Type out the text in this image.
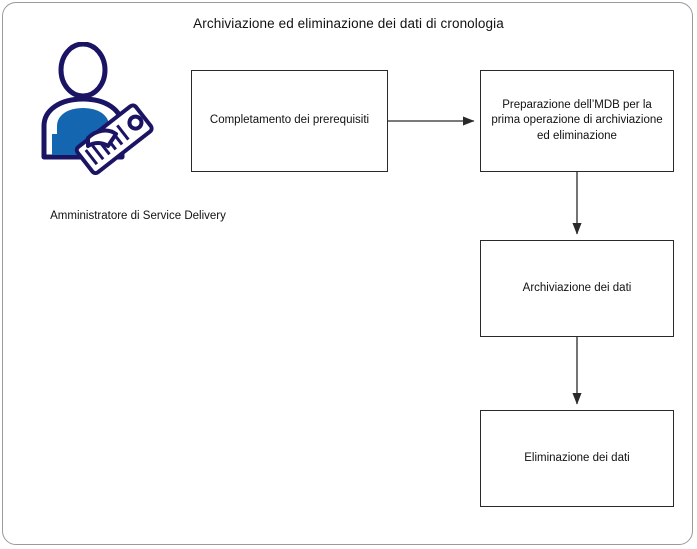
Archiviazione ed eliminazione dei dati di cronologia
Amministratore di Service Delivery
Completamento dei prerequisiti
Preparazione dell’MDB per la prima operazione di archiviazione ed eliminazione
Archiviazione dei dati
Eliminazione dei dati
